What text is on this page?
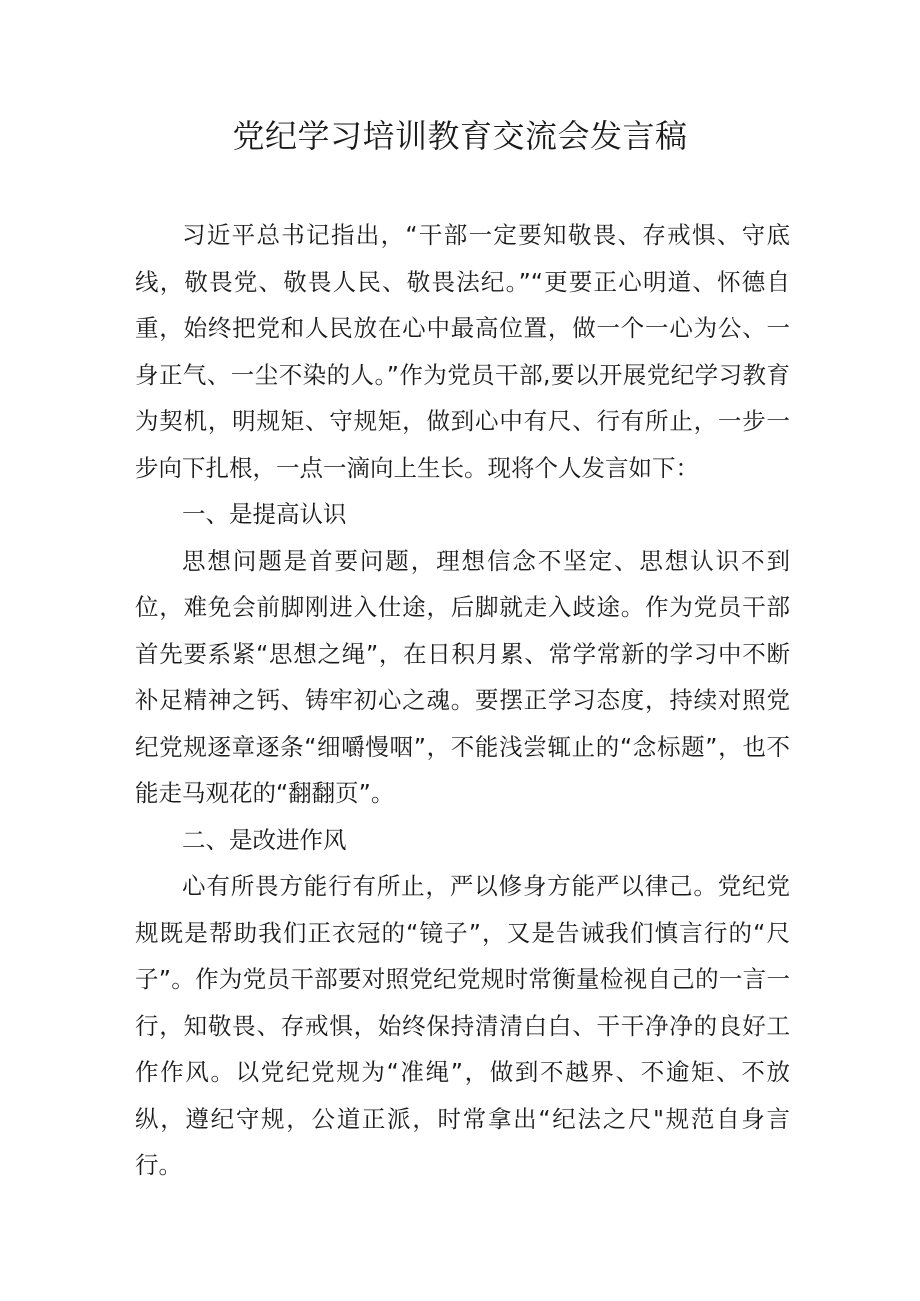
党纪学习培训教育交流会发言稿

习近平总书记指出，“干部一定要知敬畏、存戒惧、守底线，敬畏党、敬畏人民、敬畏法纪。”“更要正心明道、怀德自重，始终把党和人民放在心中最高位置，做一个一心为公、一身正气、一尘不染的人。”作为党员干部,要以开展党纪学习教育为契机，明规矩、守规矩，做到心中有尺、行有所止，一步一步向下扎根，一点一滴向上生长。现将个人发言如下：

一、是提高认识

思想问题是首要问题，理想信念不坚定、思想认识不到位，难免会前脚刚进入仕途，后脚就走入歧途。作为党员干部首先要系紧“思想之绳”，在日积月累、常学常新的学习中不断补足精神之钙、铸牢初心之魂。要摆正学习态度，持续对照党纪党规逐章逐条“细嚼慢咽”，不能浅尝辄止的“念标题”，也不能走马观花的“翻翻页”。

二、是改进作风

心有所畏方能行有所止，严以修身方能严以律己。党纪党规既是帮助我们正衣冠的“镜子”，又是告诫我们慎言行的“尺子”。作为党员干部要对照党纪党规时常衡量检视自己的一言一行，知敬畏、存戒惧，始终保持清清白白、干干净净的良好工作作风。以党纪党规为“准绳”，做到不越界、不逾矩、不放纵，遵纪守规，公道正派，时常拿出“纪法之尺"规范自身言行。
